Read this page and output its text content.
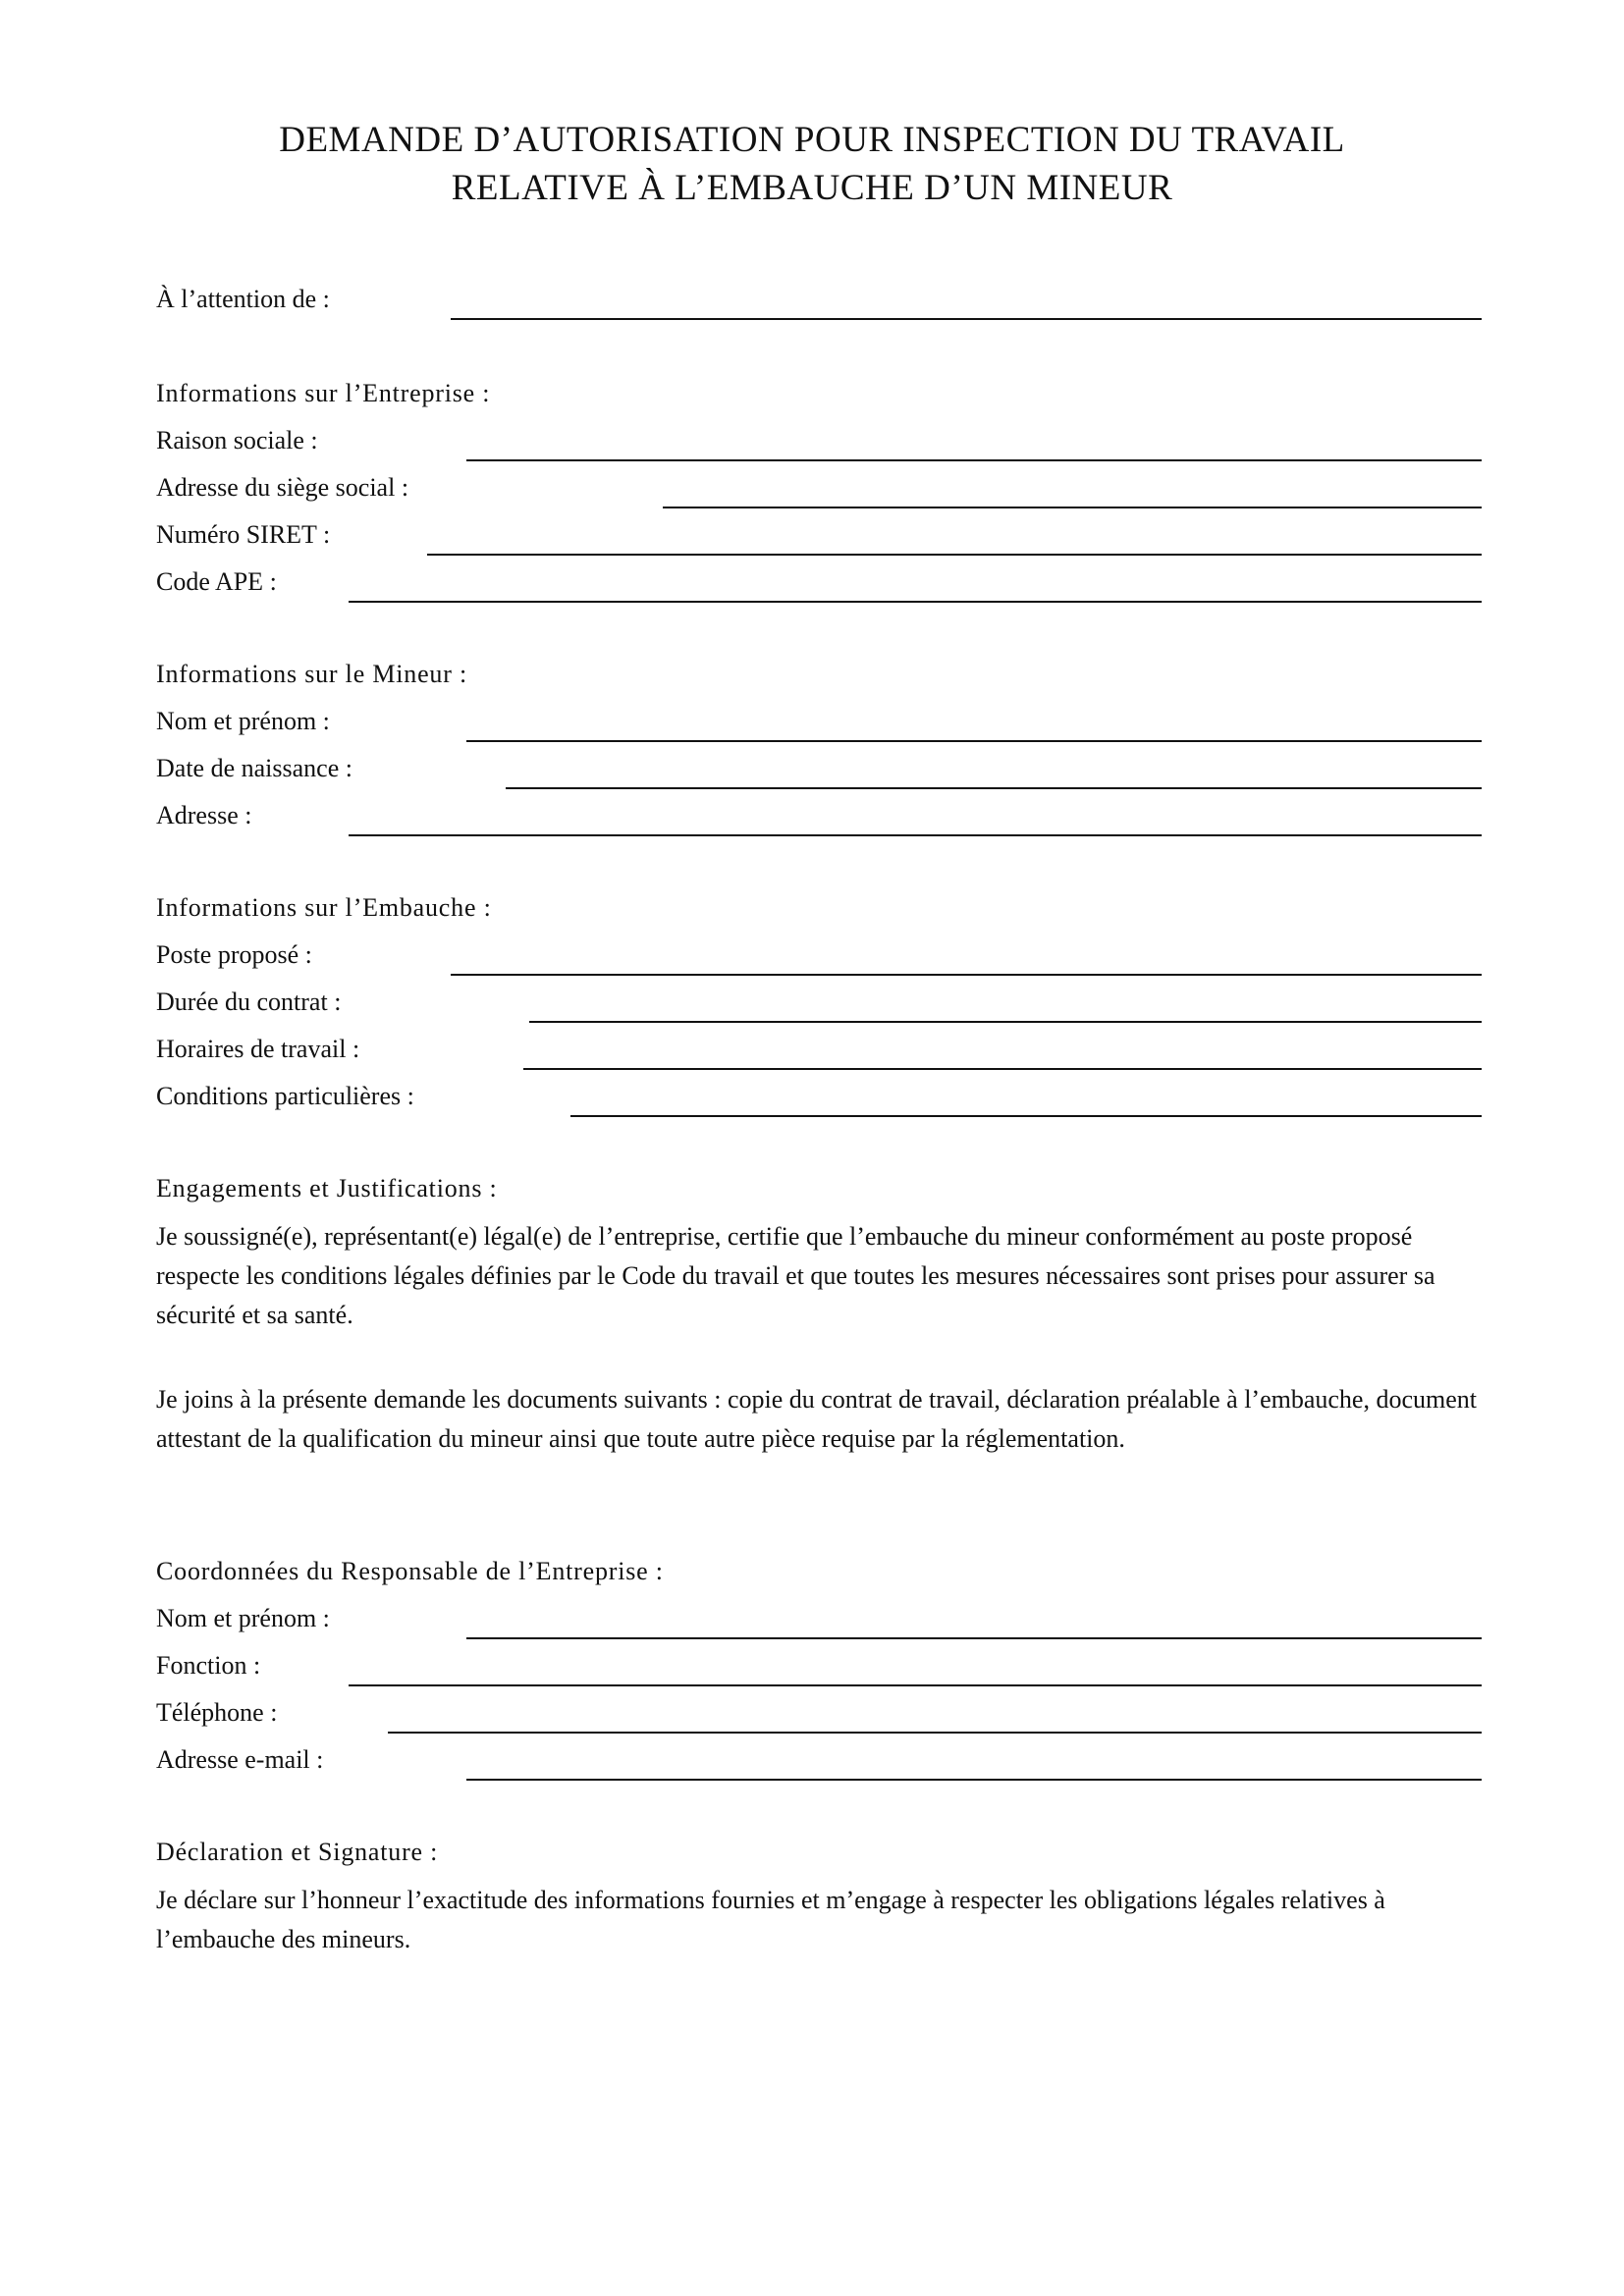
DEMANDE D’AUTORISATION POUR INSPECTION DU TRAVAIL
RELATIVE À L’EMBAUCHE D’UN MINEUR
À l’attention de :
Informations sur l’Entreprise :
Raison sociale :
Adresse du siège social :
Numéro SIRET :
Code APE :
Informations sur le Mineur :
Nom et prénom :
Date de naissance :
Adresse :
Informations sur l’Embauche :
Poste proposé :
Durée du contrat :
Horaires de travail :
Conditions particulières :
Engagements et Justifications :

Je soussigné(e), représentant(e) légal(e) de l’entreprise, certifie que l’embauche du mineur conformément au poste proposé respecte les conditions légales définies par le Code du travail et que toutes les mesures nécessaires sont prises pour assurer sa sécurité et sa santé.

Je joins à la présente demande les documents suivants : copie du contrat de travail, déclaration préalable à l’embauche, document attestant de la qualification du mineur ainsi que toute autre pièce requise par la réglementation.

Coordonnées du Responsable de l’Entreprise :
Nom et prénom :
Fonction :
Téléphone :
Adresse e-mail :
Déclaration et Signature :

Je déclare sur l’honneur l’exactitude des informations fournies et m’engage à respecter les obligations légales relatives à l’embauche des mineurs.
